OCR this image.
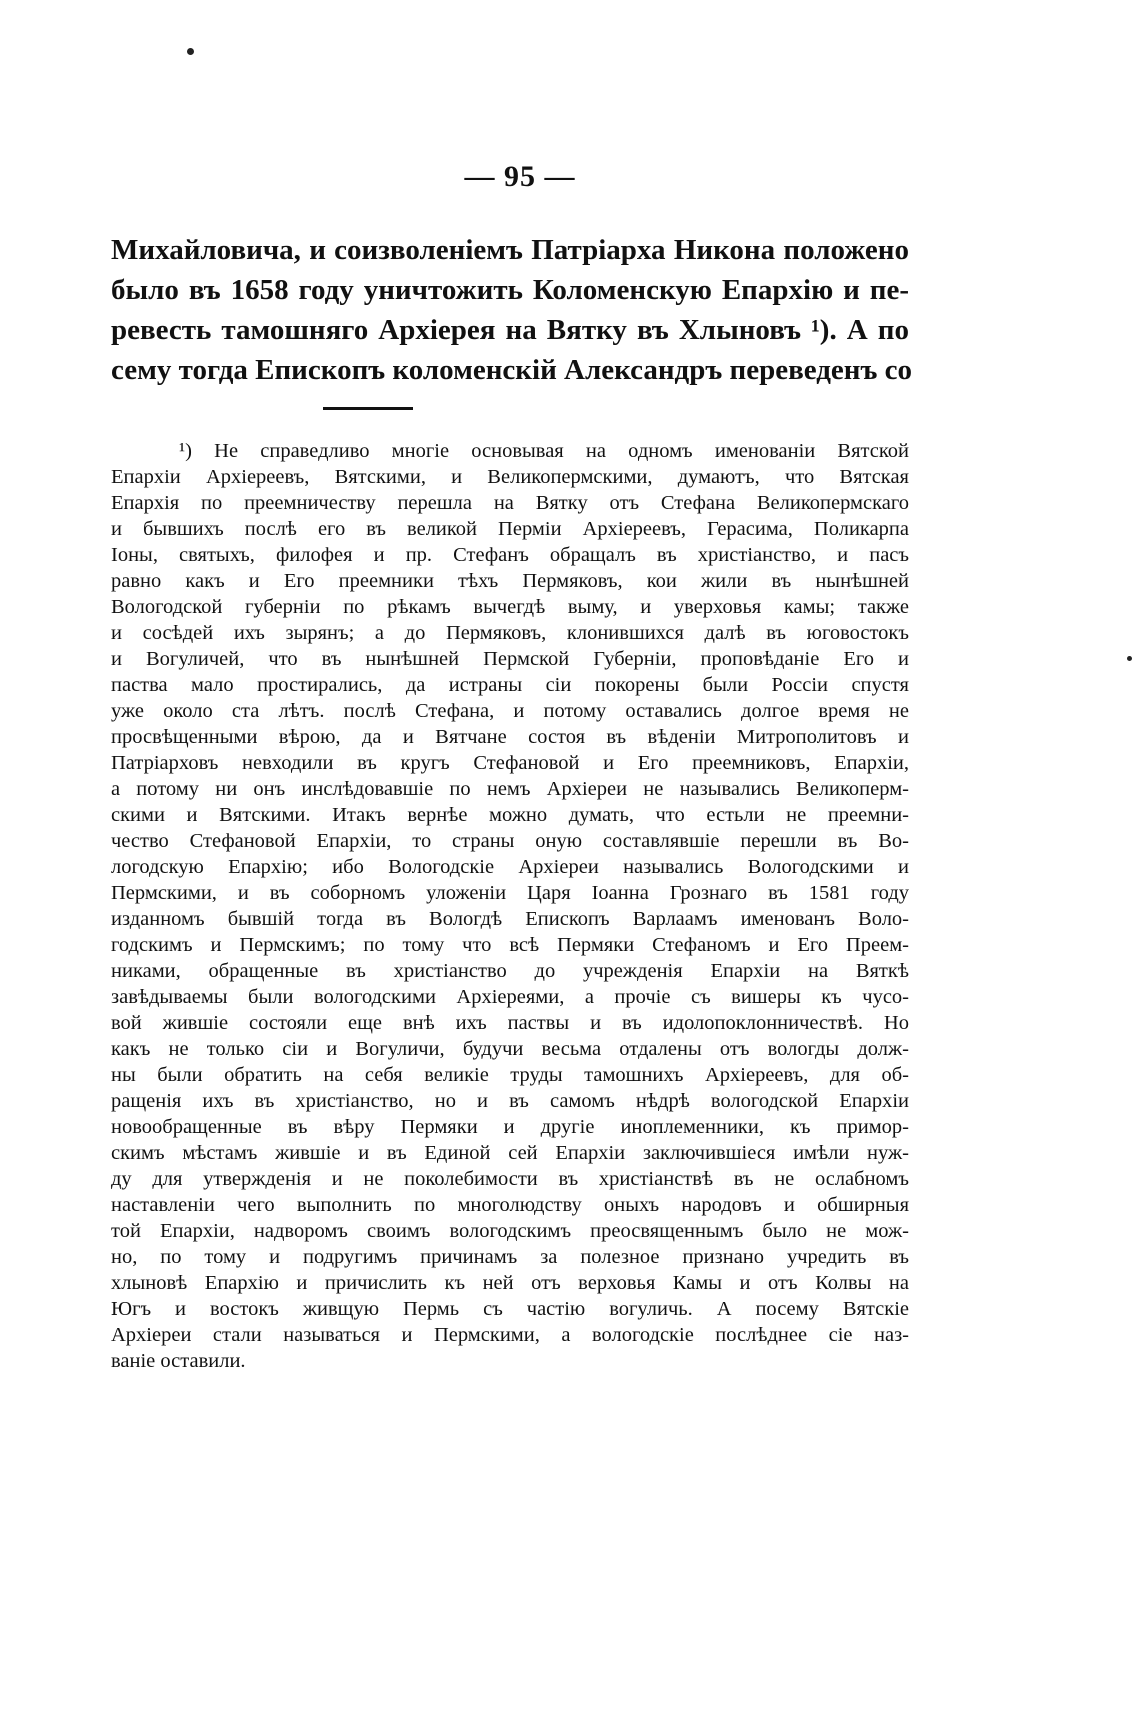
— 95 —
Михайловича, и соизволеніемъ Патріарха Никона положено
было въ 1658 году уничтожить Коломенскую Епархію и пе-
ревесть тамошняго Архіерея на Вятку въ Хлыновъ ¹). А по
сему тогда Епископъ коломенскій Александръ переведенъ со
¹) Не справедливо многіе основывая на одномъ именованіи Вятской
Епархіи Архіереевъ, Вятскими, и Великопермскими, думаютъ, что Вятская
Епархія по преемничеству перешла на Вятку отъ Стефана Великопермскаго
и бывшихъ послѣ его въ великой Перміи Архіереевъ, Герасима, Поликарпа
Іоны, святыхъ, филофея и пр. Стефанъ обращалъ въ христіанство, и пасъ
равно какъ и Его преемники тѣхъ Пермяковъ, кои жили въ нынѣшней
Вологодской губерніи по рѣкамъ вычегдѣ выму, и уверховья камы; также
и сосѣдей ихъ зырянъ; а до Пермяковъ, клонившихся далѣ въ юговостокъ
и Вогуличей, что въ нынѣшней Пермской Губерніи, проповѣданіе Его и
паства мало простирались, да истраны сіи покорены были Россіи спустя
уже около ста лѣтъ. послѣ Стефана, и потому оставались долгое время не
просвѣщенными вѣрою, да и Вятчане состоя въ вѣденіи Митрополитовъ и
Патріарховъ невходили въ кругъ Стефановой и Его преемниковъ, Епархіи,
а потому ни онъ инслѣдовавшіе по немъ Архіереи не назывались Великоперм-
скими и Вятскими. Итакъ вернѣе можно думать, что естьли не преемни-
чество Стефановой Епархіи, то страны оную составлявшіе перешли въ Во-
логодскую Епархію; ибо Вологодскіе Архіереи назывались Вологодскими и
Пермскими, и въ соборномъ уложеніи Царя Іоанна Грознаго въ 1581 году
изданномъ бывшій тогда въ Вологдѣ Епископъ Варлаамъ именованъ Воло-
годскимъ и Пермскимъ; по тому что всѣ Пермяки Стефаномъ и Его Преем-
никами, обращенные въ христіанство до учрежденія Епархіи на Вяткѣ
завѣдываемы были вологодскими Архіереями, а прочіе съ вишеры къ чусо-
вой жившіе состояли еще внѣ ихъ паствы и въ идолопоклонничествѣ. Но
какъ не только сіи и Вогуличи, будучи весьма отдалены отъ вологды долж-
ны были обратить на себя великіе труды тамошнихъ Архіереевъ, для об-
ращенія ихъ въ христіанство, но и въ самомъ нѣдрѣ вологодской Епархіи
новообращенные въ вѣру Пермяки и другіе иноплеменники, къ примор-
скимъ мѣстамъ жившіе и въ Единой сей Епархіи заключившіеся имѣли нуж-
ду для утвержденія и не поколебимости въ христіанствѣ въ не ослабномъ
наставленіи чего выполнить по многолюдству оныхъ народовъ и обширныя
той Епархіи, надворомъ своимъ вологодскимъ преосвященнымъ было не мож-
но, по тому и подругимъ причинамъ за полезное признано учредить въ
хлыновѣ Епархію и причислить къ ней отъ верховья Камы и отъ Колвы на
Югъ и востокъ живщую Пермь съ частію вогуличь. А посему Вятскіе
Архіереи стали называться и Пермскими, а вологодскіе послѣднее сіе наз-
ваніе оставили.
